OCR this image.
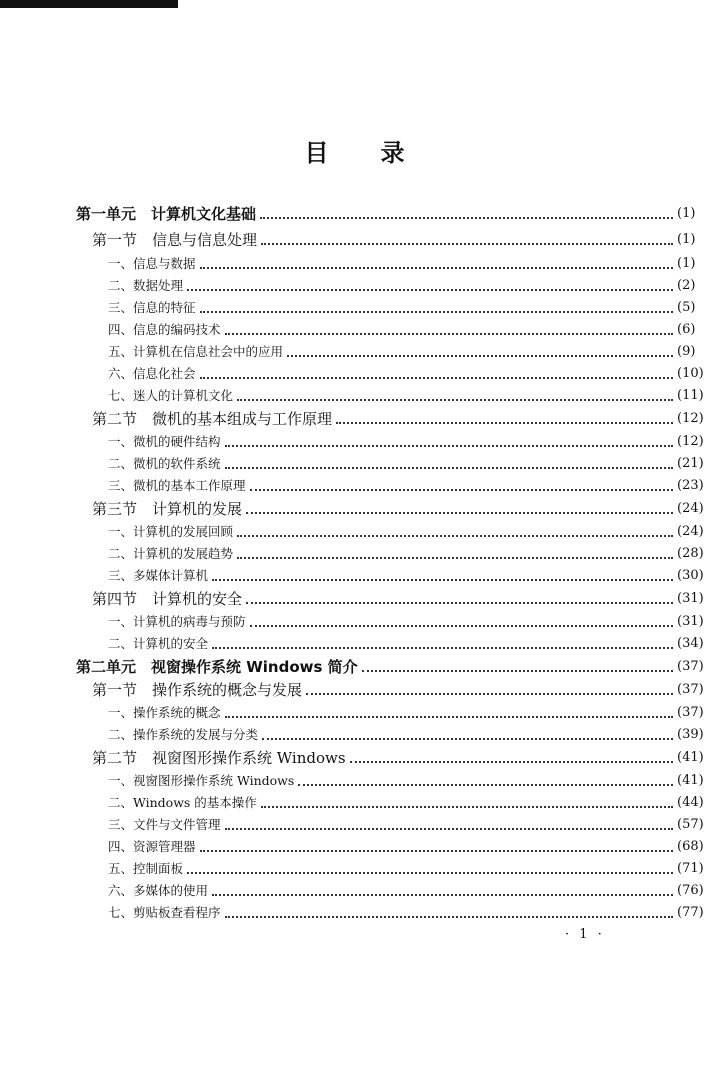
目 录
第一单元　计算机文化基础	(1)
第一节　信息与信息处理	(1)
一、信息与数据	(1)
二、数据处理	(2)
三、信息的特征	(5)
四、信息的编码技术	(6)
五、计算机在信息社会中的应用	(9)
六、信息化社会	(10)
七、迷人的计算机文化	(11)
第二节　微机的基本组成与工作原理	(12)
一、微机的硬件结构	(12)
二、微机的软件系统	(21)
三、微机的基本工作原理	(23)
第三节　计算机的发展	(24)
一、计算机的发展回顾	(24)
二、计算机的发展趋势	(28)
三、多媒体计算机	(30)
第四节　计算机的安全	(31)
一、计算机的病毒与预防	(31)
二、计算机的安全	(34)
第二单元　视窗操作系统 Windows 简介	(37)
第一节　操作系统的概念与发展	(37)
一、操作系统的概念	(37)
二、操作系统的发展与分类	(39)
第二节　视窗图形操作系统 Windows	(41)
一、视窗图形操作系统 Windows	(41)
二、Windows 的基本操作	(44)
三、文件与文件管理	(57)
四、资源管理器	(68)
五、控制面板	(71)
六、多媒体的使用	(76)
七、剪贴板查看程序	(77)
· 1 ·
